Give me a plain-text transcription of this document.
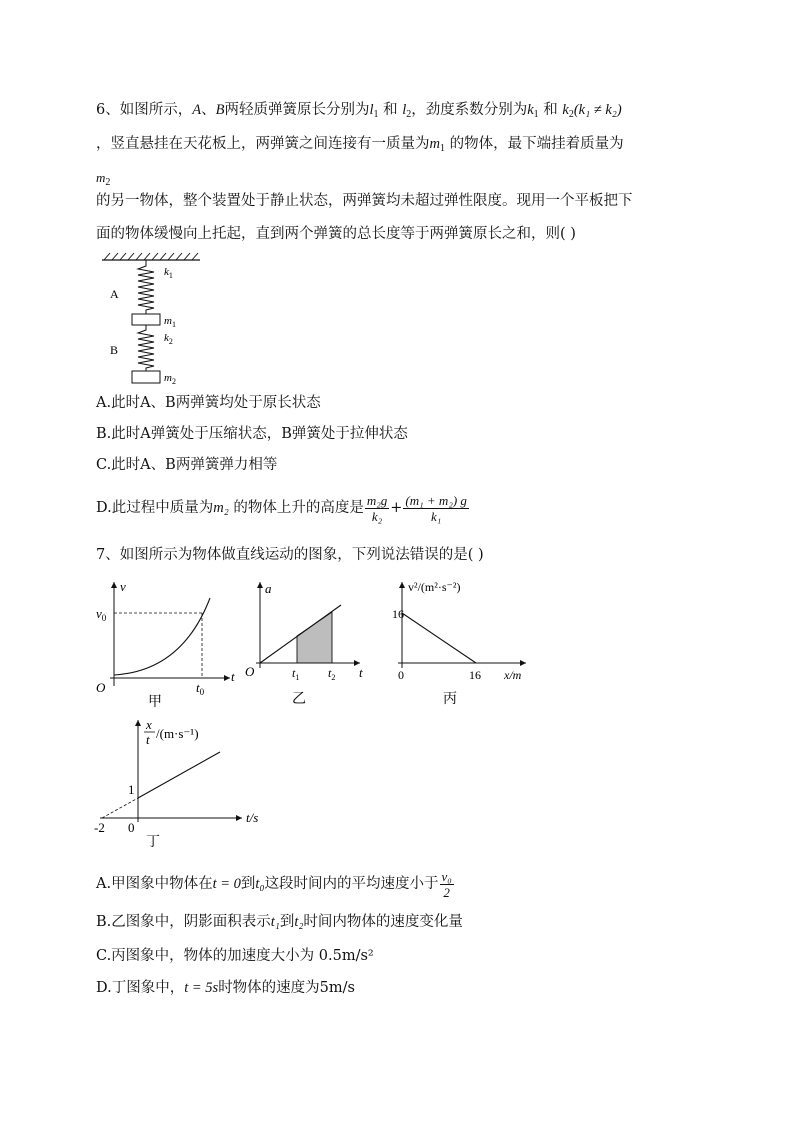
6、如图所示，A、B两轻质弹簧原长分别为$l_1$ 和 $l_2$，劲度系数分别为$k_1$ 和 $k_2(k_1 \ne k_2)$
，竖直悬挂在天花板上，两弹簧之间连接有一质量为$m_1$ 的物体，最下端挂着质量为
$m_2$
的另一物体，整个装置处于静止状态，两弹簧均未超过弹性限度。现用一个平板把下
面的物体缓慢向上托起，直到两个弹簧的总长度等于两弹簧原长之和，则( )
A
B
$k_1$
$m_1$
$k_2$
$m_2$
A.此时A、B两弹簧均处于原长状态
B.此时A弹簧处于压缩状态，B弹簧处于拉伸状态
C.此时A、B两弹簧弹力相等
D.此过程中质量为m₂ 的物体上升的高度是 $\frac{\text{m₂g}}{\text{k₂}} + \frac{\text{(m₁ + m₂) g}}{\text{k₁}}$
7、如图所示为物体做直线运动的图象，下列说法错误的是( )
v
$v_0$
O	$t_0$
t
甲
a
O	$t_1$ $t_2$ t
乙
v²/(m²·s⁻²)
16
0	16 x/m
丙
x
t /(m·s⁻¹)
1
-2 0
t/s
丁
A.甲图象中物体在t = 0到t₀这段时间内的平均速度小于 $\frac{\text{v₀}}{2}$
B.乙图象中，阴影面积表示t₁到t₂时间内物体的速度变化量
C.丙图象中，物体的加速度大小为 0.5m/s²
D.丁图象中，t = 5s时物体的速度为5m/s
